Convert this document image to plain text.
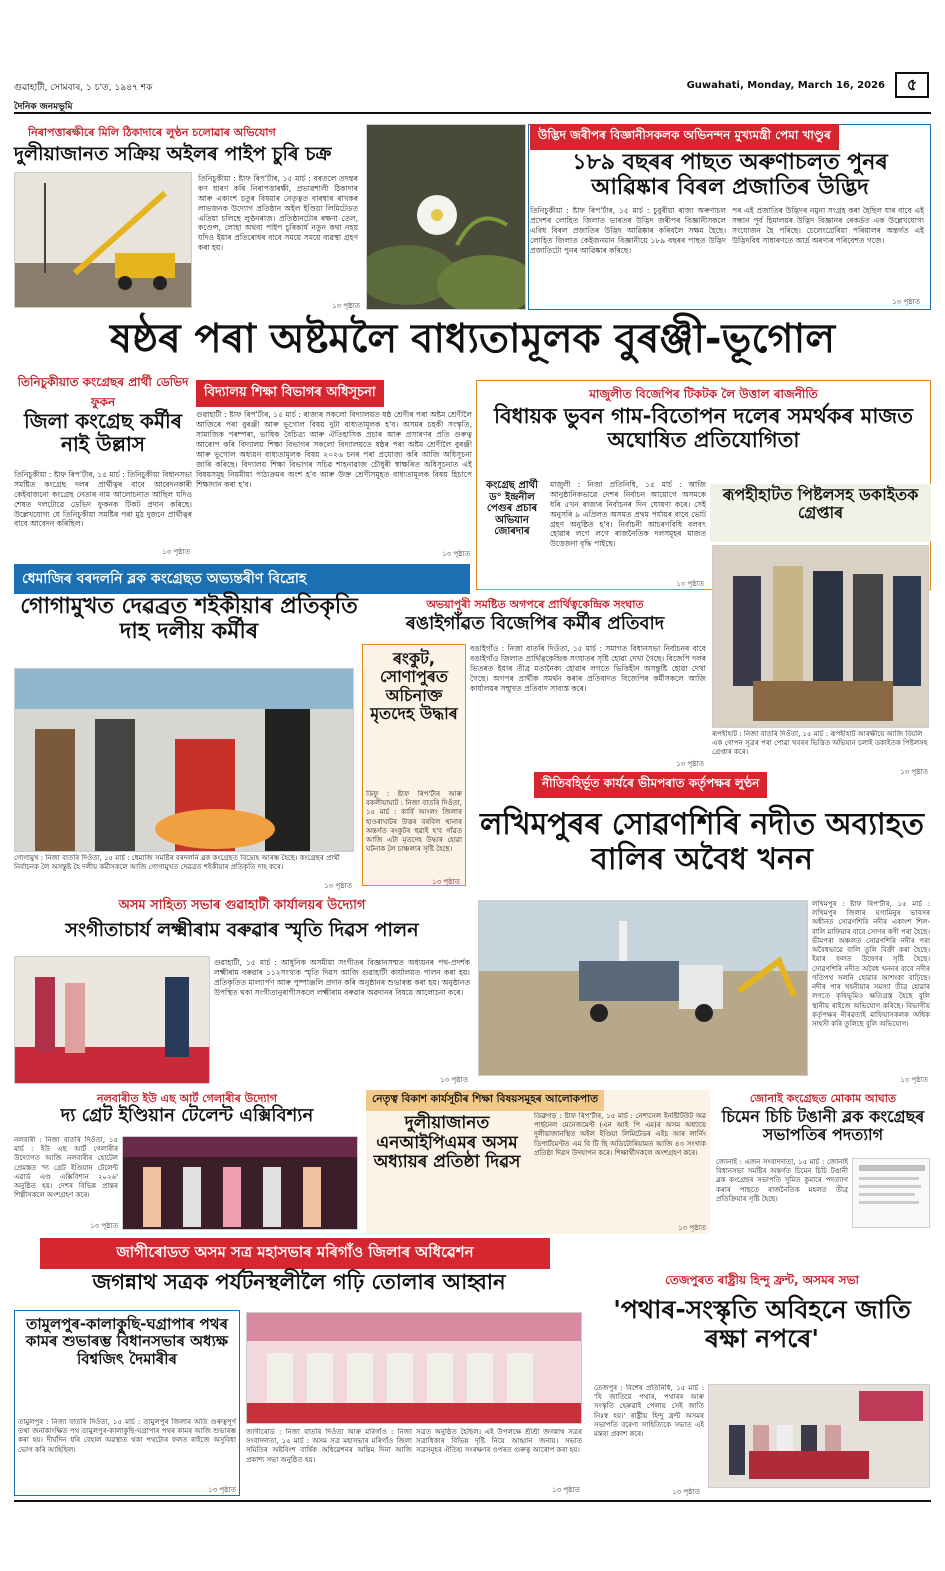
গুৱাহাটী, সোমবাৰ, ১ চ'ত, ১৯৪৭ শক
দৈনিক জনমভূমি
Guwahati, Monday, March 16, 2026	৫
নিৰাপত্তাৰক্ষীৰে মিলি ঠিকাদাৰে লুণ্ঠন চলোৱাৰ অভিযোগ
দুলীয়াজানত সক্ৰিয় অইলৰ পাইপ চুৰি চক্ৰ
তিনিচুকীয়া : ষ্টাফ ৰিপ'ৰ্টাৰ, ১৫ মাৰ্চ : বৰতলে তদন্তৰ কণ ধাৰণ কৰি নিৰাপত্তাৰক্ষী, প্ৰভাৱশালী ঠিকাদাৰ আৰু একাংশ চতুৰ বিষয়াৰ নেতৃত্বত বাৰম্বাৰ ৰাখকৰ লাভজনক উদ্যোগ প্ৰতিষ্ঠান অইল ইণ্ডিয়া লিমিটেডত এতিয়া চলিছে লুণ্ঠনৰাজ। প্ৰতিষ্ঠানটোৰ ৰক্ষণা তেল, কণ্ডেন্স, লোহা অথবা পাইপ চুৰিকাৰ্য নতুন কথা নহয় যদিও ইয়াৰ প্ৰতিৰোধৰ বাবে সময়ে সময়ে ব্যৱস্থা গ্ৰহণ কৰা হয়।
১৩ পৃষ্ঠাত
উদ্ভিদ জৰীপৰ বিজ্ঞানীসকলক অভিনন্দন মুখ্যমন্ত্ৰী পেমা খাণ্ডুৰ
১৮৯ বছৰৰ পাছত অৰুণাচলত পুনৰ আৱিষ্কাৰ বিৰল প্ৰজাতিৰ উদ্ভিদ
তিনিচুকীয়া : ষ্টাফ ৰিপ'ৰ্টাৰ, ১৫ মাৰ্চ : চুবুৰীয়া ৰাজ্য অৰুণাচল প্ৰদেশৰ লোহিত জিলাত ভাৰতৰ উদ্ভিদ জৰীপৰ বিজ্ঞানীসকলে এবিধ বিৰল প্ৰজাতিৰ উদ্ভিদ আৱিষ্কাৰ কৰিবলৈ সক্ষম হৈছে। লোহিত জিলাত কেইজনমান বিজ্ঞানীয়ে ১৮৯ বছৰৰ পাছত উদ্ভিদ প্ৰজাতিটো পুনৰ আৱিষ্কাৰ কৰিছে।
পৰ এই প্ৰজাতিৰ উদ্ভিদৰ নমুনা সংগ্ৰহ কৰা হৈছিল যাৰ বাবে এই সন্ধান পূৰ্ব হিমালয়ৰ উদ্ভিদ বিজ্ঞানৰ ৰেকৰ্ডত এক উল্লেখযোগ্য সংযোজন হৈ পৰিছে। চেলেংগ্ৰেৰিয়া পৰিয়ালৰ অন্তৰ্গত এই উদ্ভিদবিধ সাধাৰণতে আৰ্দ্ৰ অৰণ্যৰ পৰিবেশত গজে।
১৩ পৃষ্ঠাত
ষষ্ঠৰ পৰা অষ্টমলৈ বাধ্যতামূলক বুৰঞ্জী-ভূগোল
তিনিচুকীয়াত কংগ্ৰেছৰ প্ৰাৰ্থী ডেভিদ ফুকন
জিলা কংগ্ৰেছ কৰ্মীৰ নাই উল্লাস
তিনিচুকীয়া : ষ্টাফ ৰিপ'ৰ্টাৰ, ১৫ মাৰ্চ : তিনিচুকীয়া বিধানসভা সমষ্টিত কংগ্ৰেছ দলৰ প্ৰাৰ্থীত্বৰ বাবে আবেদনকাৰী কেইবাজনো কংগ্ৰেছ নেতাৰ নাম আলোচনাত আছিল যদিও শেষত দলটোৱে ডেভিদ ফুকনক টিকট প্ৰদান কৰিছে। উল্লেখযোগ্য যে তিনিচুকীয়া সমষ্টিৰ পৰা মুঠ দুজনে প্ৰাৰ্থীত্বৰ বাবে আবেদন কৰিছিল।
১৩ পৃষ্ঠাত
বিদ্যালয় শিক্ষা বিভাগৰ অধিসূচনা
গুৱাহাটী : ষ্টাফ ৰিপ'ৰ্টাৰ, ১৫ মাৰ্চ : ৰাজ্যৰ সকলো বিদ্যালয়ত ষষ্ঠ শ্ৰেণীৰ পৰা অষ্টম শ্ৰেণীলৈ আজিৰে পৰা বুৰঞ্জী আৰু ভূগোল বিষয় দুটা বাধ্যতামূলক হ'ব। অসমৰ চহকী সংস্কৃতি, সামাজিক পৰম্পৰা, ভাষিক বৈচিত্ৰ্য আৰু ঐতিহাসিক প্ৰচাৰ আৰু প্ৰসাৰণৰ প্ৰতি গুৰুত্ব আৰোপ কৰি বিদ্যালয় শিক্ষা বিভাগৰ সকলো বিদ্যালয়তে ষষ্ঠৰ পৰা অষ্টম শ্ৰেণীলৈ বুৰঞ্জী আৰু ভূগোল অধ্যয়ন বাধ্যতামূলক বিষয় ২০২৬ চনৰ পৰা প্ৰযোজ্য কৰি আজি অধিসূচনা জাৰি কৰিছে। বিদ্যালয় শিক্ষা বিভাগৰ সচিৱ শাহনাৱাজ চৌধুৰী স্বাক্ষৰিত অধিসূচনাত এই বিষয়সমূহ নিয়মীয়া পাঠ্যক্ৰমৰ অংশ হ'ব আৰু উক্ত শ্ৰেণীসমূহত বাধ্যতামূলক বিষয় হিচাপে শিক্ষাদান কৰা হ'ব।
১৩ পৃষ্ঠাত
মাজুলীত বিজেপিৰ টিকটক লৈ উত্তাল ৰাজনীতি
বিধায়ক ভুবন গাম-বিতোপন দলেৰ সমৰ্থকৰ মাজত অঘোষিত প্ৰতিযোগিতা
কংগ্ৰেছ প্ৰাৰ্থী ড° ইন্দ্ৰনীল পেগুৰ প্ৰচাৰ অভিযান জোৰদাৰ
মাজুলী : নিজা প্ৰতিনিধি, ১৫ মাৰ্চ : আজি আনুষ্ঠানিকভাৱে দেশৰ নিৰ্বাচন আয়োগে অসমকে ধৰি ৫খন ৰাজ্যৰ নিৰ্বাচনৰ দিন ঘোষণা কৰে। সেই অনুসৰি ৯ এপ্ৰিলত অসমত প্ৰথম পৰ্যায়ৰ বাবে ভোট গ্ৰহণ অনুষ্ঠিত হ'ব। নিৰ্বাচনী আচৰণবিধি বলবৎ হোৱাৰ লগে লগে ৰাজনৈতিক দলসমূহৰ মাজত উত্তেজনা বৃদ্ধি পাইছে।
১৩ পৃষ্ঠাত
ৰূপহীহাটত পিষ্টলসহ ডকাইতক গ্ৰেপ্তাৰ
ৰূপহীহাট : নিজা বাতৰি দিওঁতা, ১৫ মাৰ্চ : ৰূপহীহাট আৰক্ষীয়ে আজি বিয়লি এক গোপন সূত্ৰৰ পৰা পোৱা খবৰৰ ভিত্তিত অভিযান চলাই ডকাইতক পিষ্টলসহ গ্ৰেপ্তাৰ কৰে।
১৩ পৃষ্ঠাত
ধেমাজিৰ বৰদলনি ব্লক কংগ্ৰেছত অভ্যন্তৰীণ বিদ্ৰোহ
গোগামুখত দেৱব্ৰত শইকীয়াৰ প্ৰতিকৃতি দাহ দলীয় কৰ্মীৰ
গোগামুখ : নিজা বাতৰি দিওঁতা, ১৫ মাৰ্চ : ধেমাজি সমষ্টিৰ বৰদলনি ব্লক কংগ্ৰেছত বিদ্ৰোহ আৰম্ভ হৈছে। কংগ্ৰেছৰ প্ৰাৰ্থী নিৰ্বাচনক লৈ অসন্তুষ্ট হৈ দলীয় কৰ্মীসকলে আজি গোগামুখত দেৱব্ৰত শইকীয়াৰ প্ৰতিকৃতি দাহ কৰে।
১৩ পৃষ্ঠাত
অভয়াপুৰী সমষ্টিত অগপৰে প্ৰাৰ্থিত্বকেন্দ্ৰিক সংঘাত
ৰঙাইগাঁৱত বিজেপিৰ কৰ্মীৰ প্ৰতিবাদ
বঙাইগাঁও : নিজা বাতৰি দিওঁতা, ১৫ মাৰ্চ : সমাগত বিধানসভা নিৰ্বাচনৰ বাবে বঙাইগাঁও জিলাত প্ৰাৰ্থিত্বকেন্দ্ৰিক সংঘাতৰ সৃষ্টি হোৱা দেখা গৈছে। বিজেপি দলৰ ভিতৰত ইয়াৰ তীব্ৰ মতানৈক্য হোৱাৰ লগতে ভিত্তিহীন অসন্তুষ্টি হোৱা দেখা গৈছে। অগপৰ প্ৰাৰ্থীক সমৰ্থন কৰাৰ প্ৰতিবাদত বিজেপিৰ কৰ্মীসকলে আজি কাৰ্যালয়ৰ সন্মুখত প্ৰতিবাদ সাব্যস্ত কৰে।
১৩ পৃষ্ঠাত
ৰংকুট, সোণাপুৰত অচিনাক্ত মৃতদেহ উদ্ধাৰ
ডিফু : ষ্টাফ ৰিপ'ৰ্টাৰ আৰু বকলীয়াঘাট : নিজা বাতৰি দিওঁতা, ১৫ মাৰ্চ : কাৰ্বি আংলং জিলাৰ হাওৰাঘাটৰ উত্তৰ বৰবিল থানাৰ অন্তৰ্গত ৰংকুটৰ হুৱাই হ'ব গাঁৱত আজি এটা মৃতদেহ উদ্ধাৰ হোৱা ঘটনাক লৈ চাঞ্চল্যৰ সৃষ্টি হৈছে।
১৩ পৃষ্ঠাত
নীতিবহিৰ্ভূত কাৰ্যৰে ভীমপৰাত কৰ্তৃপক্ষৰ লুণ্ঠন
লখিমপুৰৰ সোৱণশিৰি নদীত অব্যাহত বালিৰ অবৈধ খনন
লখিমপুৰ : ষ্টাফ ৰিপ'ৰ্টাৰ, ১৫ মাৰ্চ : লখিমপুৰ জিলাৰ ঘগামিনুৰ ভাবসৰ অধীনত সোৱণশিৰি নদীৰ একাংশ শিল-বালি মাফিয়াৰ বাবে সোণৰ কণী পৰা হৈছে। ভীমপৰা অঞ্চলত সোৱণশিৰি নদীৰ পৰা অবৈধভাৱে বালি তুলি বিক্ৰী কৰা হৈছে। ইয়াৰ ফলত উদ্বেগৰ সৃষ্টি হৈছে। সোৱণশিৰি নদীত অবৈধ খননৰ বাবে নদীৰ গতিপথ সলনি হোৱাৰ আশংকা বাঢ়িছে। নদীৰ পাৰ খহনীয়াৰ সমস্যা তীব্ৰ হোৱাৰ লগতে কৃষিভূমিও ক্ষতিগ্ৰস্ত হৈছে বুলি স্থানীয় ৰাইজে অভিযোগ কৰিছে। বিভাগীয় কৰ্তৃপক্ষৰ নীৰৱতাই মাফিয়াসকলক অধিক সাহসী কৰি তুলিছে বুলি অভিযোগ।
১৩ পৃষ্ঠাত
অসম সাহিত্য সভাৰ গুৱাহাটী কাৰ্যালয়ৰ উদ্যোগ
সংগীতাচাৰ্য লক্ষ্মীৰাম বৰুৱাৰ স্মৃতি দিৱস পালন
গুৱাহাটী, ১৫ মাৰ্চ : আধুনিক অসমীয়া সংগীতৰ বিজ্ঞানসম্মত অধ্যয়নৰ পথ-প্ৰদৰ্শক লক্ষ্মীৰাম বৰুৱাৰ ১১২সংখ্যক স্মৃতি দিৱস আজি গুৱাহাটী কাৰ্যালয়ত পালন কৰা হয়। প্ৰতিকৃতিত মাল্যাৰ্পণ আৰু পুষ্পাঞ্জলি প্ৰদান কৰি অনুষ্ঠানৰ শুভাৰম্ভ কৰা হয়। অনুষ্ঠানত উপস্থিত থকা সংগীতানুৰাগীসকলে লক্ষ্মীৰাম বৰুৱাৰ অৱদানৰ বিষয়ে আলোচনা কৰে।
১৩ পৃষ্ঠাত
নলবাৰীত ইউ এছ আৰ্ট গেলাৰীৰ উদ্যোগ
দ্য গ্ৰেট ইণ্ডিয়ান টেলেন্ট এক্সিবিশ্যন
নলবাৰী : নিজা বাতৰি দিওঁতা, ১৫ মাৰ্চ : ইউ এছ আৰ্ট গেলাৰীৰ উদ্যোগত আজি নলবাৰীৰ হোটেল প্ৰেমস্তত 'দ্য গ্ৰেট ইণ্ডিয়ান টেলেন্ট এৱাৰ্ড এণ্ড এক্সিবিশ্যন ২০২৬' অনুষ্ঠিত হয়। দেশৰ বিভিন্ন প্ৰান্তৰ শিল্পীসকলে অংশগ্ৰহণ কৰে।
১৩ পৃষ্ঠাত
নেতৃত্ব বিকাশ কাৰ্যসূচীৰ শিক্ষা বিষয়সমূহৰ আলোকপাত
দুলীয়াজানত এনআইপিএমৰ অসম অধ্যায়ৰ প্ৰতিষ্ঠা দিৱস
ডিব্ৰুগড় : ষ্টাফ ৰিপ'ৰ্টাৰ, ১৫ মাৰ্চ : নেশ্যনেল ইনষ্টিটিউট অৱ পাৰ্ছনেল মেনেজমেণ্ট (এন আই পি এম)ৰ অসম অধ্যায়ে দুলীয়াজানস্থিত অইল ইণ্ডিয়া লিমিটেডৰ এইচ আৰ লাৰ্নিং ডিপাৰ্টমেণ্টত এম বি টি ছি অডিটোৰিয়ামত আজি ৪৩ সংখ্যক প্ৰতিষ্ঠা দিৱস উদযাপন কৰে। শিক্ষাৰ্থীসকলে অংশগ্ৰহণ কৰে।
১৩ পৃষ্ঠাত
জোনাই কংগ্ৰেছত মোকাম আঘাত
চিমেন চিচি টঙানী ব্লক কংগ্ৰেছৰ সভাপতিৰ পদত্যাগ
জোনাই : এজন সংবাদদাতা, ১৫ মাৰ্চ : জোনাই বিধানসভা সমষ্টিৰ অন্তৰ্গত চিমেন চিচি টঙানী ব্লক কংগ্ৰেছৰ সভাপতি সুমিত কুমাৰে পদত্যাগ কৰাৰ পাছতে ৰাজনৈতিক মহলত তীব্ৰ প্ৰতিক্ৰিয়াৰ সৃষ্টি হৈছে।
জাগীৰোডত অসম সত্ৰ মহাসভাৰ মৰিগাঁও জিলাৰ অধিৱেশন
জগন্নাথ সত্ৰক পৰ্যটনস্থলীলৈ গঢ়ি তোলাৰ আহ্বান
জাগীৰোড : নিজা বাতৰি দিওঁতা আৰু মৰিগাঁও : নিজা সংবাদদাতা, ১৫ মাৰ্চ : অসম সত্ৰ মহাসভাৰ মৰিগাঁও জিলা সমিতিৰ অষ্টবিংশ বাৰ্ষিক অধিৱেশনৰ অন্তিম দিনা আজি প্ৰকাশ্য সভা অনুষ্ঠিত হয়।
সত্ৰত অনুষ্ঠিত হৈছিল। এই উপলক্ষে শ্ৰীশ্ৰী জগন্নাথ সত্ৰৰ সত্ৰাধিকাৰ বিভিন্ন দৃষ্টি নিয়ে আহ্বান জনায়। সভাত সত্ৰসমূহৰ ঐতিহ্য সংৰক্ষণৰ ওপৰত গুৰুত্ব আৰোপ কৰা হয়।
১৩ পৃষ্ঠাত
তামুলপুৰ-কালাকুছি-ঘগ্ৰাপাৰ পথৰ কামৰ শুভাৰম্ভ বিধানসভাৰ অধ্যক্ষ বিশ্বজিৎ দৈমাৰীৰ
তামুলপুৰ : নিজা বাতৰি দিওঁতা, ১৫ মাৰ্চ : তামুলপুৰ জিলাৰ অতি গুৰুত্বপূৰ্ণ তথা জনাকাংক্ষিত পথ তামুলপুৰ-কালাকুছি-ঘগ্ৰাপাৰ পথৰ কামৰ আজি শুভাৰম্ভ কৰা হয়। দীৰ্ঘদিন ধৰি বেহাল অৱস্থাত থকা পথটোৰ ফলত ৰাইজে অসুবিধা ভোগ কৰি আহিছিল।
১৩ পৃষ্ঠাত
তেজপুৰত ৰাষ্ট্ৰীয় হিন্দু ফ্ৰন্ট, অসমৰ সভা
'পথাৰ-সংস্কৃতি অবিহনে জাতি ৰক্ষা নপৰে'
তেজপুৰ : বিশেষ প্ৰতিনিধি, ১৫ মাৰ্চ : 'যি জাতিয়ে পথাৰ, পথাৰৰ আৰু সংস্কৃতি হেৰুৱাই পেলায় সেই জাতি নিঃস্ব হয়।' ৰাষ্ট্ৰীয় হিন্দু ফ্ৰন্ট অসমৰ সভাপতি বৰেণ্য সাহিত্যিকে সভাত এই মন্তব্য প্ৰকাশ কৰে।
১৩ পৃষ্ঠাত
